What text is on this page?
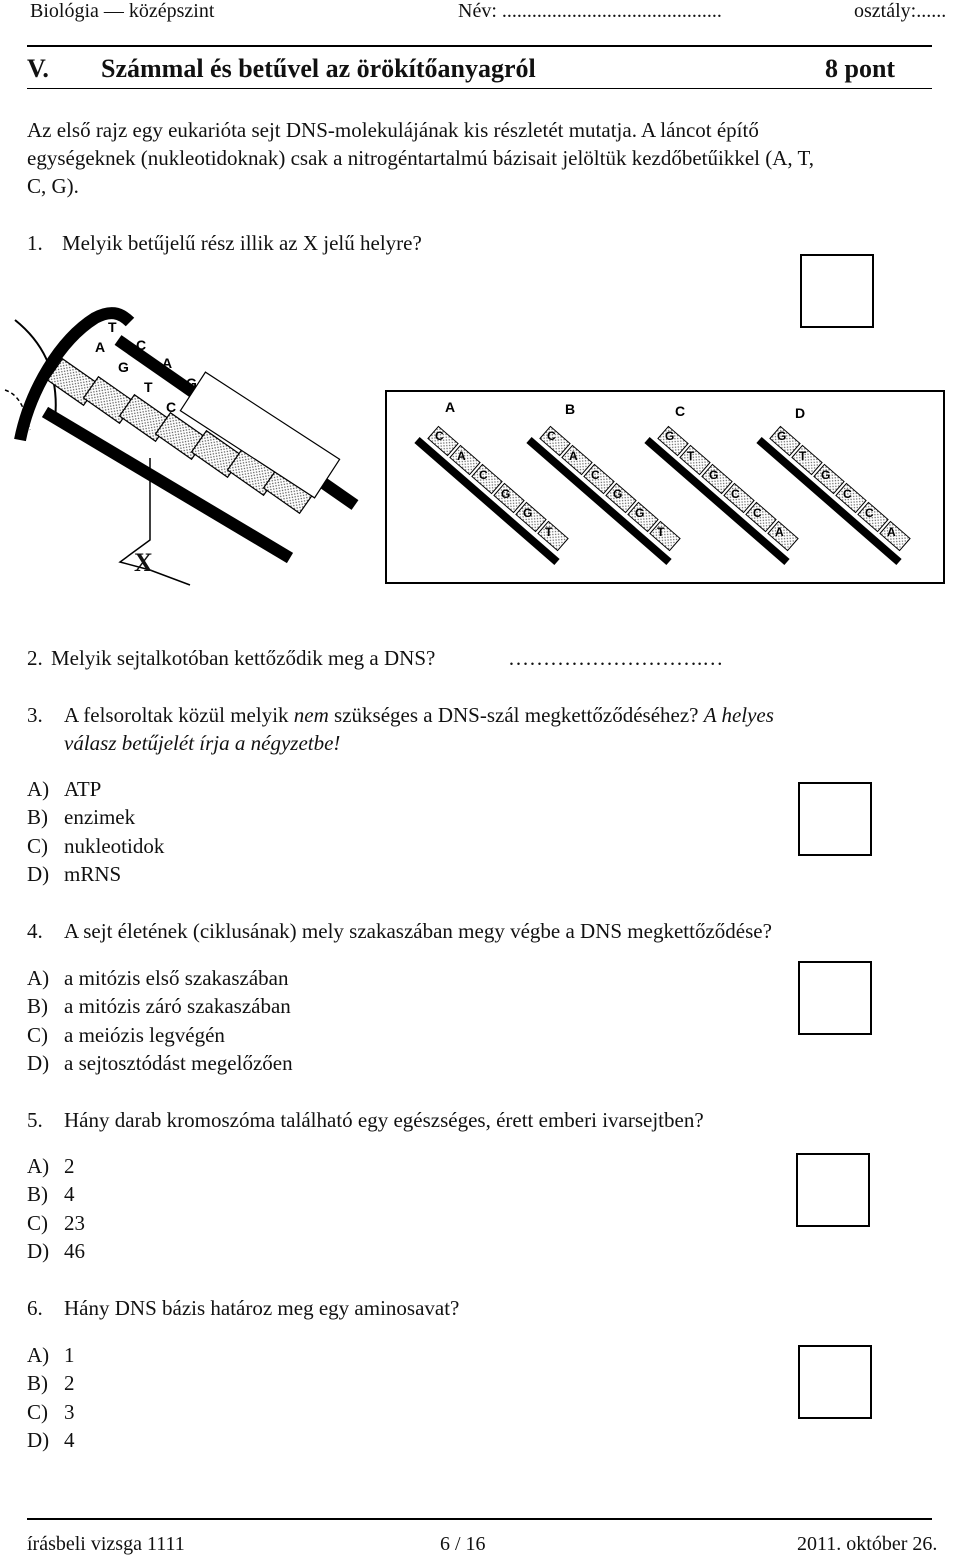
Biológia — középszint	Név: ............................................	osztály:......
V. Számmal és betűvel az örökítőanyagról	8 pont
Az első rajz egy eukarióta sejt DNS-molekulájának kis részletét mutatja. A láncot építő
egységeknek (nukleotidoknak) csak a nitrogéntartalmú bázisait jelöltük kezdőbetűikkel (A, T,
C, G).
1. Melyik betűjelű rész illik az X jelű helyre?
T
A C
G A
T G
C
X
A
C
A
C
G
G
T
B
C
A
C
G
G
T
C
G
T
G
C
C
A
D
G
T
G
C
C
A
2. Melyik sejtalkotóban kettőződik meg a DNS?	……………………….…
3. A felsoroltak közül melyik nem szükséges a DNS-szál megkettőződéséhez? A helyes
válasz betűjelét írja a négyzetbe!
A) ATP
B) enzimek
C) nukleotidok
D) mRNS
4. A sejt életének (ciklusának) mely szakaszában megy végbe a DNS megkettőződése?
A) a mitózis első szakaszában
B) a mitózis záró szakaszában
C) a meiózis legvégén
D) a sejtosztódást megelőzően
5. Hány darab kromoszóma található egy egészséges, érett emberi ivarsejtben?
A) 2
B) 4
C) 23
D) 46
6. Hány DNS bázis határoz meg egy aminosavat?
A) 1
B) 2
C) 3
D) 4
írásbeli vizsga 1111	6 / 16	2011. október 26.
